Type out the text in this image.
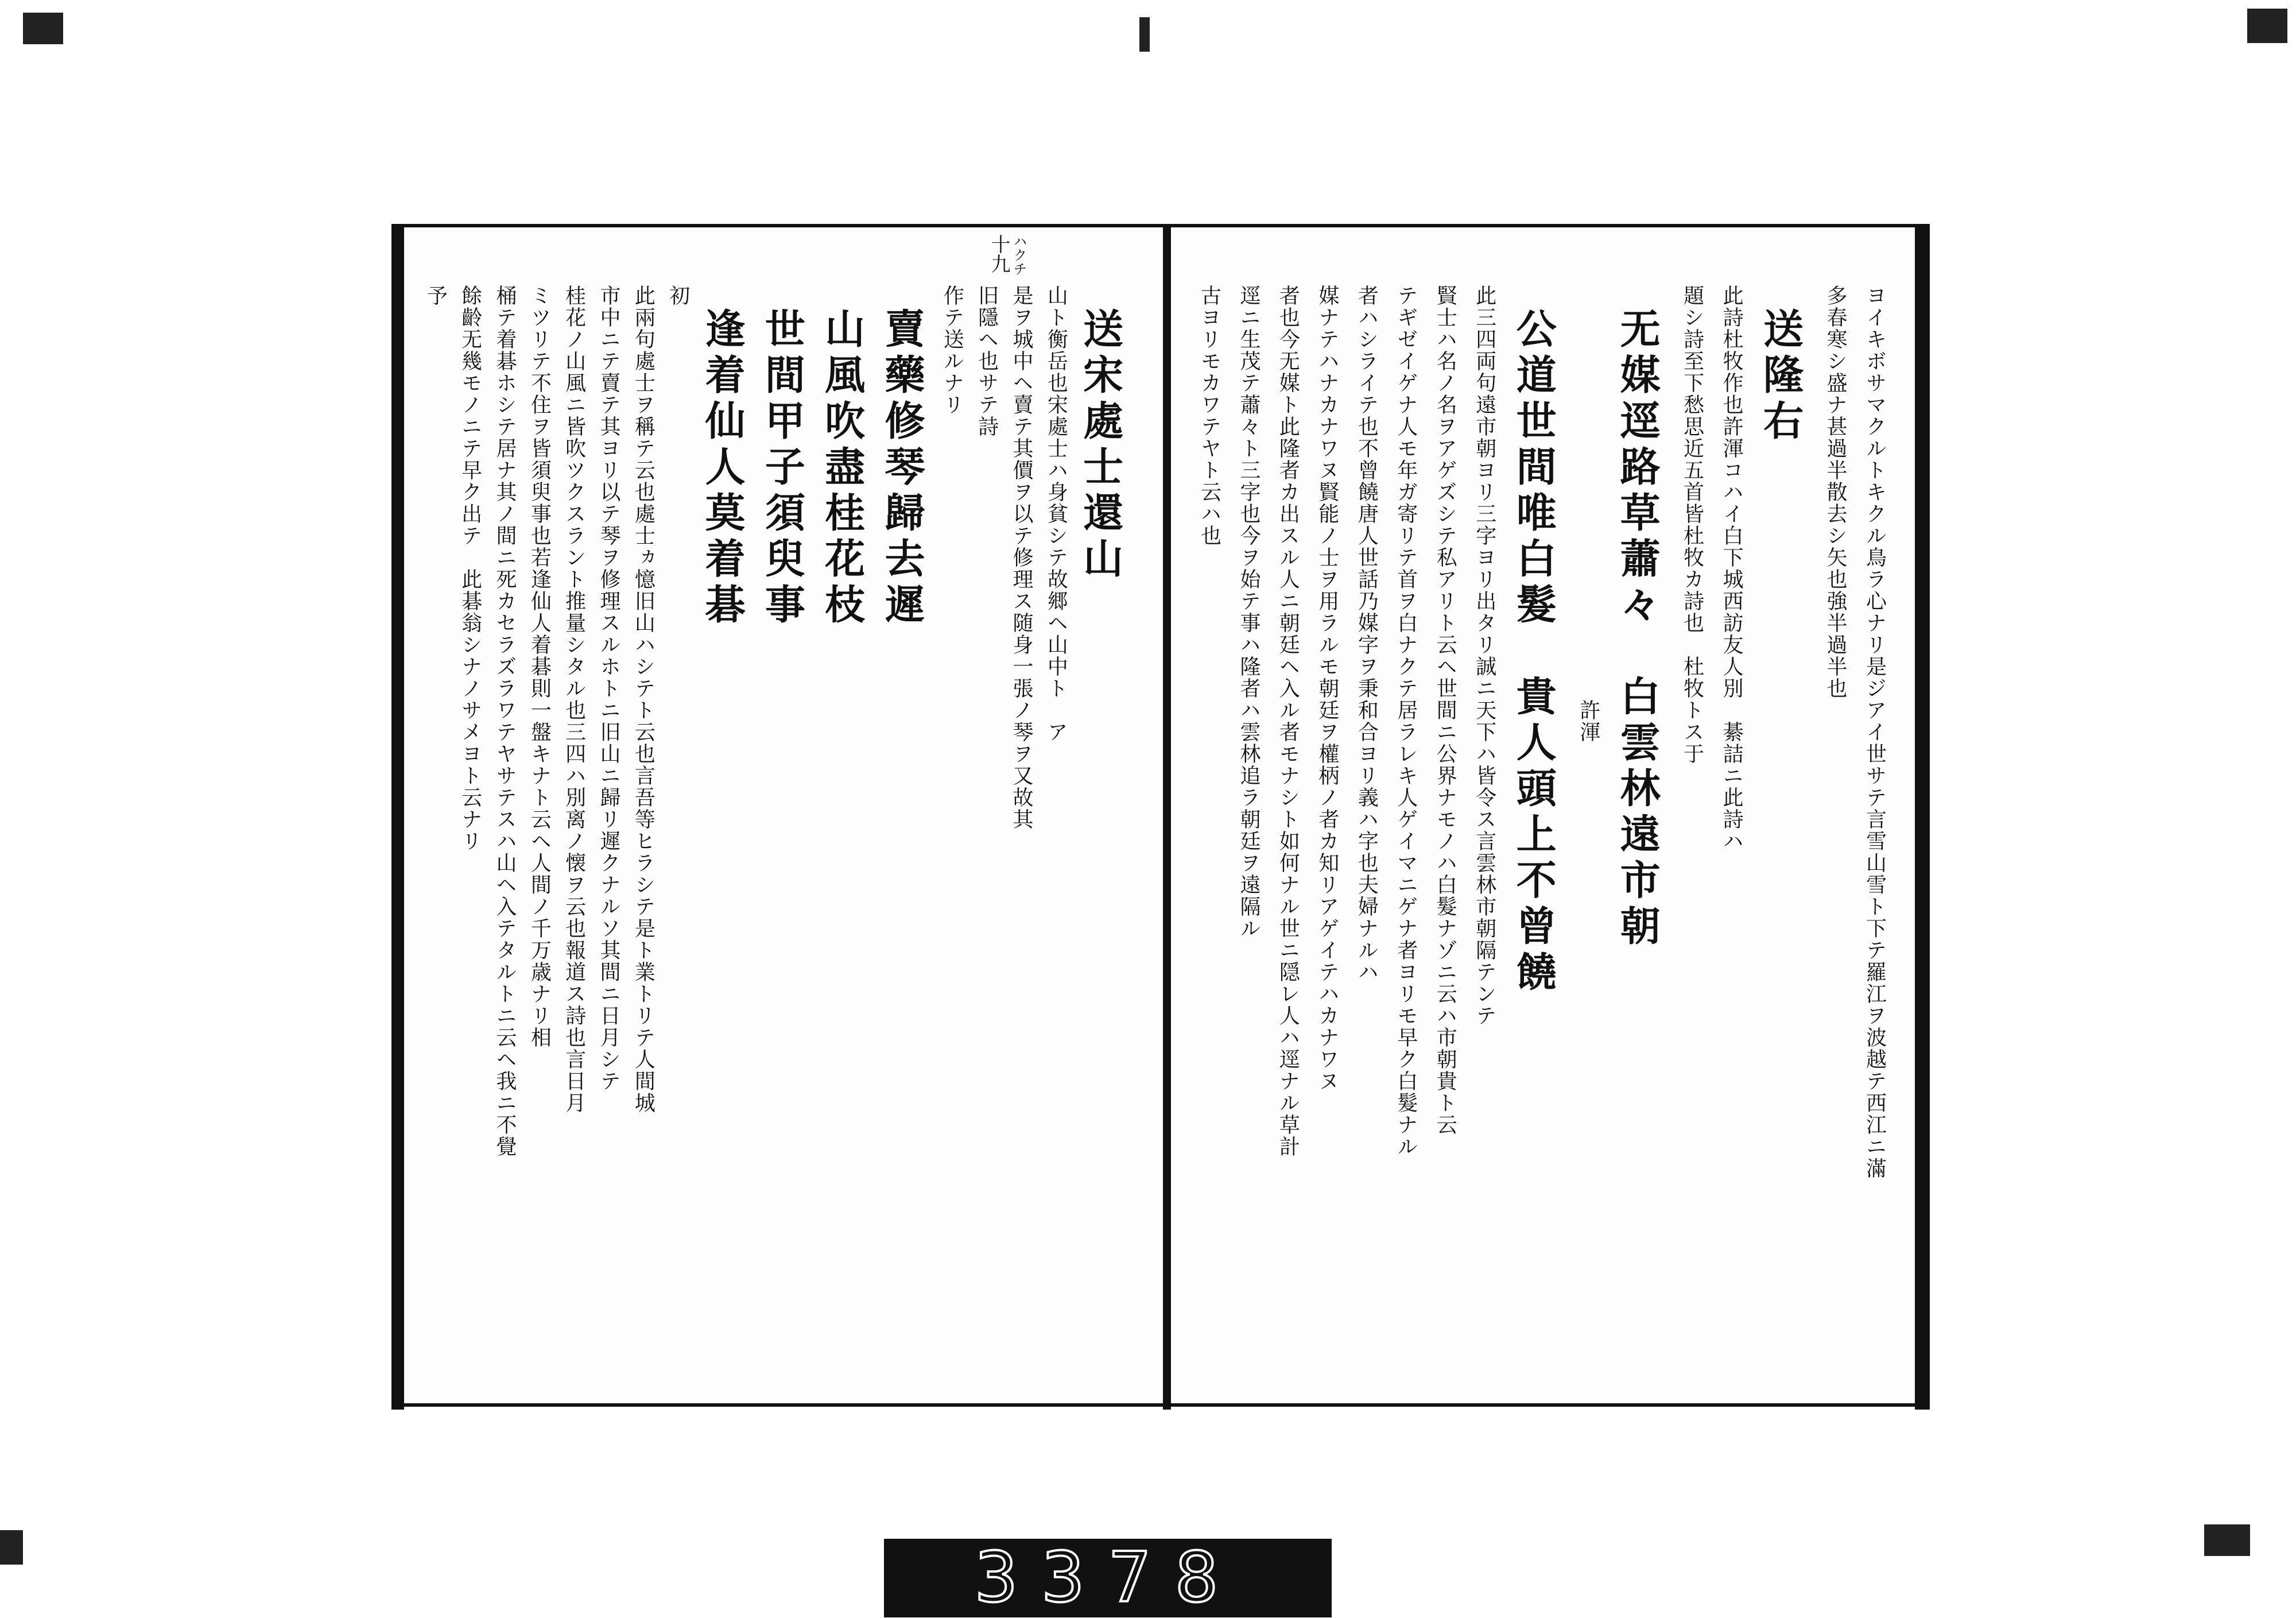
十九 ハクチ
ヨイキボサマクルトキクル鳥ラ心ナリ是ジアイ世サテ言雪山雪ト下テ羅江ヲ波越テ西江ニ滿
多春寒シ盛ナ甚過半散去シ矢也強半過半也
送隆右
此詩杜牧作也許渾コハイ白下城西訪友人別　綦詰ニ此詩ハ
題シ詩至下愁思近五首皆杜牧カ詩也　杜牧トス于
无媒逕路草蕭々　白雲林遠市朝
　　　　　　　　　　　　　　　　　　　許渾
公道世間唯白髮　貴人頭上不曾饒
此三四両句遠市朝ヨリ三字ヨリ出タリ誠ニ天下ハ皆令ス言雲林市朝隔テンテ
賢士ハ名ノ名ヲアゲズシテ私アリト云ヘ世間ニ公界ナモノハ白髮ナゾニ云ハ市朝貴ト云
テギゼイゲナ人モ年ガ寄リテ首ヲ白ナクテ居ラレキ人ゲイマニゲナ者ヨリモ早ク白髮ナル
者ハシライテ也不曾饒唐人世話乃媒字ヲ秉和合ヨリ義ハ字也夫婦ナルハ
媒ナテハナカナワヌ賢能ノ士ヲ用ラルモ朝廷ヲ權柄ノ者カ知リアゲイテハカナワヌ
者也今无媒ト此隆者カ出スル人ニ朝廷ヘ入ル者モナシト如何ナル世ニ隠レ人ハ逕ナル草計
逕ニ生茂テ蕭々ト三字也今ヲ始テ事ハ隆者ハ雲林追ラ朝廷ヲ遠隔ル
古ヨリモカワテヤト云ハ也
送宋處士還山
山ト衡岳也宋處士ハ身貧シテ故郷ヘ山中ト　ア
是ヲ城中ヘ賣テ其價ヲ以テ修理ス随身一張ノ琴ヲ又故其
旧隱ヘ也サテ詩
作テ送ルナリ
賣藥修琴歸去遲
山風吹盡桂花枝
世間甲子須臾事
逢着仙人莫着碁
初
此兩句處士ヲ稱テ云也處士ヵ憶旧山ハシテト云也言吾等ヒラシテ是ト業トリテ人間城
市中ニテ賣テ其ヨリ以テ琴ヲ修理スルホトニ旧山ニ歸リ遲クナルソ其間ニ日月シテ
桂花ノ山風ニ皆吹ツクスラント推量シタル也三四ハ別离ノ懐ヲ云也報道ス詩也言日月
ミツリテ不住ヲ皆須臾事也若逢仙人着碁則一盤キナト云ヘ人間ノ千万歳ナリ相
桶テ着碁ホシテ居ナ其ノ間ニ死カセラズラワテヤサテスハ山ヘ入テタルトニ云ヘ我ニ不覺
餘齡无幾モノニテ早ク出テ　此碁翁シナノサメヨト云ナリ
予
3378
